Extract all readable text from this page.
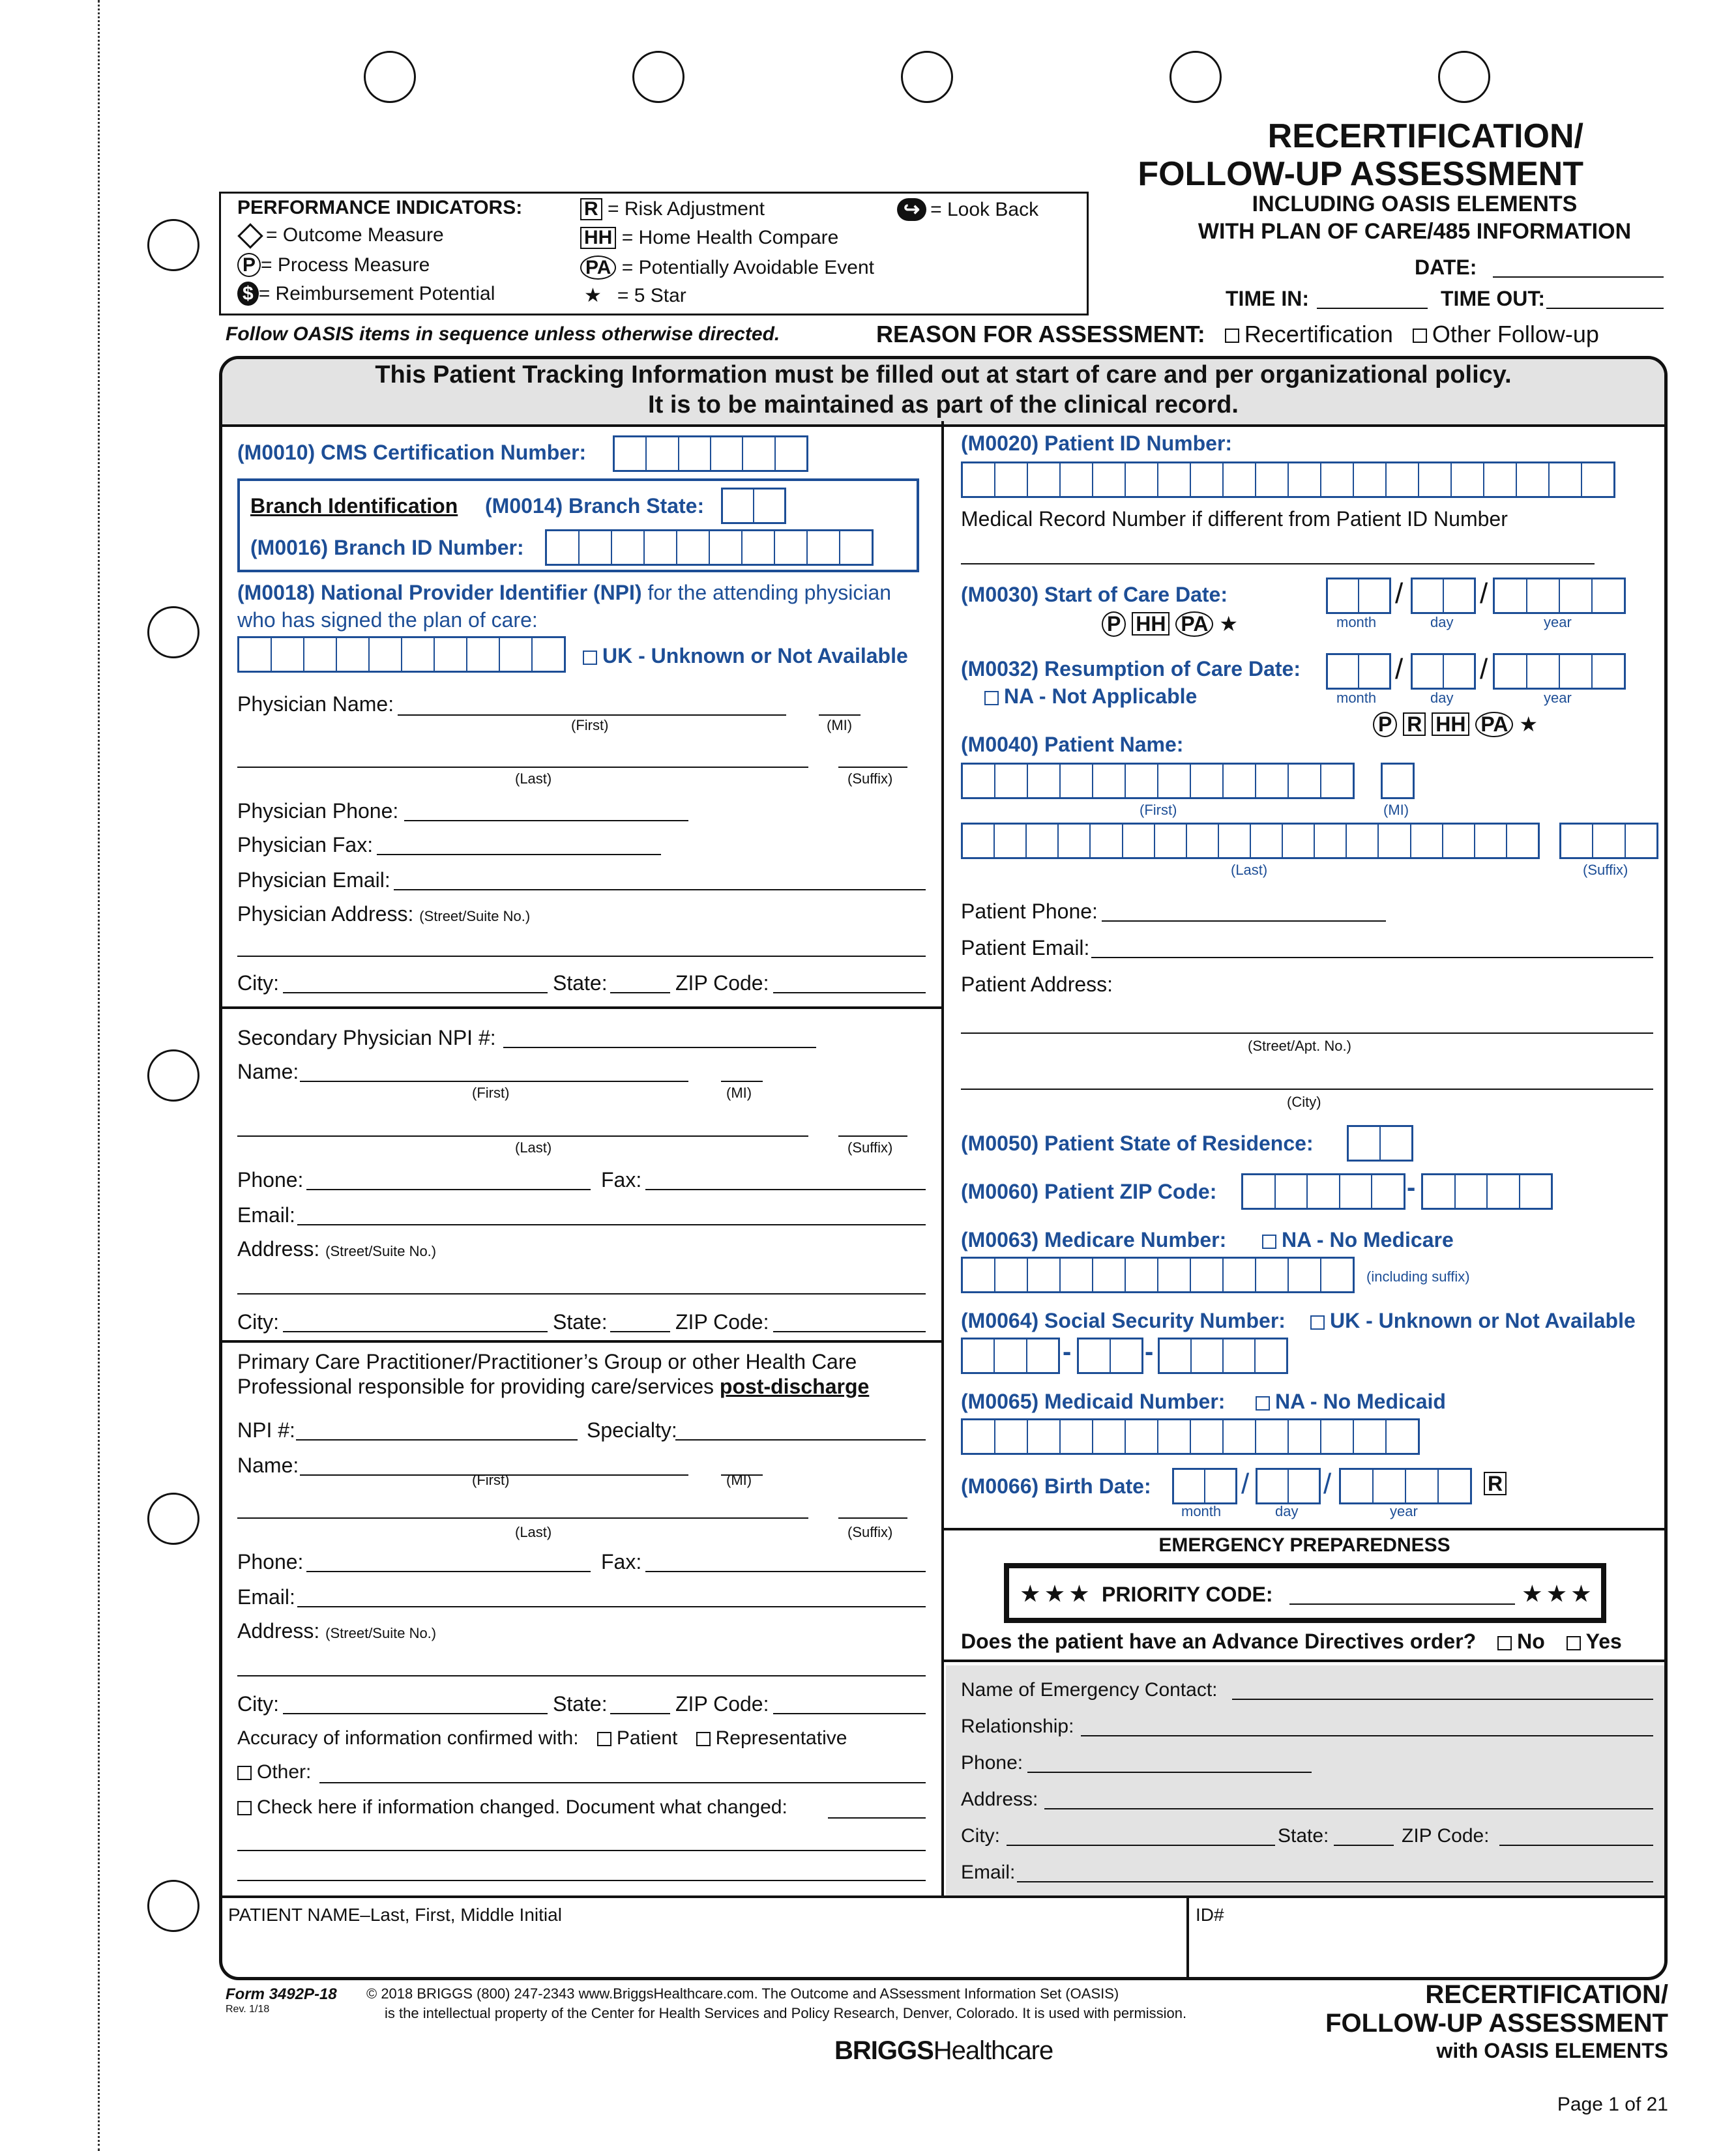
RECERTIFICATION/
FOLLOW-UP ASSESSMENT
INCLUDING OASIS ELEMENTS
WITH PLAN OF CARE/485 INFORMATION
DATE:
TIME IN:	TIME OUT:
PERFORMANCE INDICATORS:
= Outcome Measure
P = Process Measure
$ = Reimbursement Potential
R = Risk Adjustment
HH = Home Health Compare
PA = Potentially Avoidable Event
★ = 5 Star
↪ = Look Back
Follow OASIS items in sequence unless otherwise directed.	REASON FOR ASSESSMENT: Recertification Other Follow-up
This Patient Tracking Information must be filled out at start of care and per organizational policy.
It is to be maintained as part of the clinical record.
(M0010) CMS Certification Number:
Branch Identification (M0014) Branch State:
(M0016) Branch ID Number:
(M0018) National Provider Identifier (NPI) for the attending physician
who has signed the plan of care:
UK - Unknown or Not Available
Physician Name:
(First)	(MI)
(Last)	(Suffix)
Physician Phone:
Physician Fax:
Physician Email:
Physician Address: (Street/Suite No.)
City:	State:	ZIP Code:
Secondary Physician NPI #:
Name:
(First)	(MI)
(Last)	(Suffix)
Phone:	Fax:
Email:
Address: (Street/Suite No.)
City:	State:	ZIP Code:
Primary Care Practitioner/Practitioner’s Group or other Health Care
Professional responsible for providing care/services post-discharge
NPI #:	Specialty:
Name:
(First)	(MI)
(Last)	(Suffix)
Phone:	Fax:
Email:
Address: (Street/Suite No.)
City:	State:	ZIP Code:
Accuracy of information confirmed with: Patient Representative
Other:
Check here if information changed. Document what changed:
(M0020) Patient ID Number:
Medical Record Number if different from Patient ID Number
(M0030) Start of Care Date:
P HH PA ★
/	/
month	day	year
(M0032) Resumption of Care Date:
NA - Not Applicable
/	/
month	day	year
P R HH PA ★
(M0040) Patient Name:
(First)	(MI)
(Last)	(Suffix)
Patient Phone:
Patient Email:
Patient Address:
(Street/Apt. No.)
(City)
(M0050) Patient State of Residence:
(M0060) Patient ZIP Code:	-
(M0063) Medicare Number:	NA - No Medicare
(including suffix)
(M0064) Social Security Number:	UK - Unknown or Not Available
-	-
(M0065) Medicaid Number:	NA - No Medicaid
(M0066) Birth Date:	/	/	R
month	day	year
EMERGENCY PREPAREDNESS
★ ★ ★ PRIORITY CODE:	★ ★ ★
Does the patient have an Advance Directives order? No Yes
Name of Emergency Contact:
Relationship:
Phone:
Address:
City:	State:	ZIP Code:
Email:
PATIENT NAME–Last, First, Middle Initial	ID#
Form 3492P-18
Rev. 1/18
© 2018 BRIGGS (800) 247-2343 www.BriggsHealthcare.com. The Outcome and ASsessment Information Set (OASIS)
is the intellectual property of the Center for Health Services and Policy Research, Denver, Colorado. It is used with permission.
BRIGGSHealthcare
RECERTIFICATION/
FOLLOW-UP ASSESSMENT
with OASIS ELEMENTS
Page 1 of 21
